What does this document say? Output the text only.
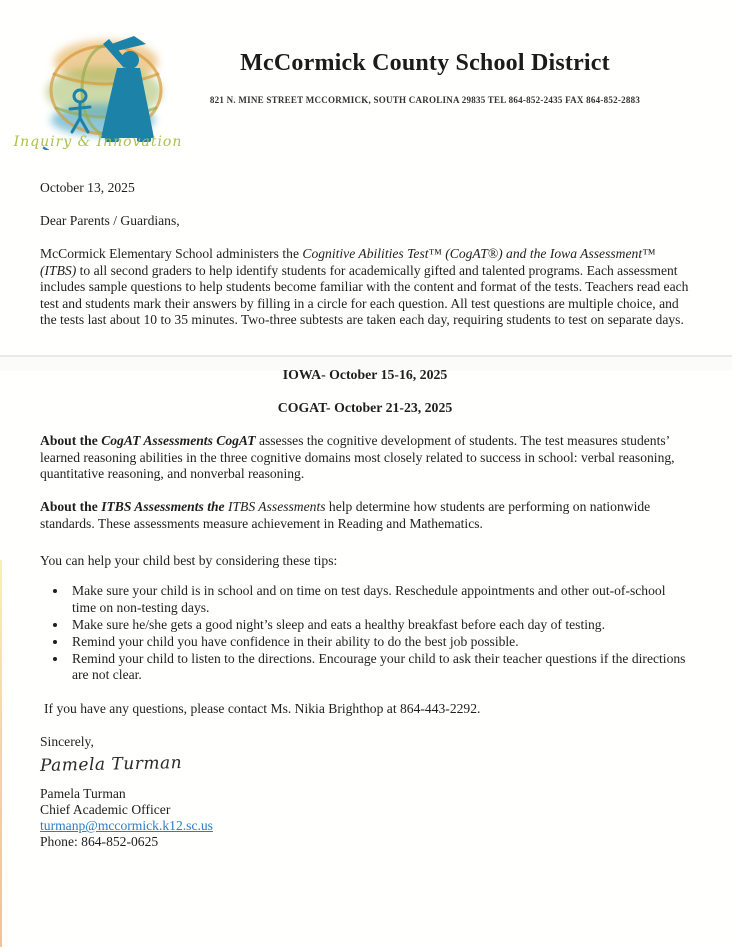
Inquiry & Innovation
McCormick County School District
821 N. MINE STREET MCCORMICK, SOUTH CAROLINA 29835 TEL 864-852-2435 FAX 864-852-2883
October 13, 2025
Dear Parents / Guardians,
McCormick Elementary School administers the Cognitive Abilities Test™ (CogAT®) and the Iowa Assessment™ (ITBS) to all second graders to help identify students for academically gifted and talented programs. Each assessment includes sample questions to help students become familiar with the content and format of the tests. Teachers read each test and students mark their answers by filling in a circle for each question. All test questions are multiple choice, and the tests last about 10 to 35 minutes. Two-three subtests are taken each day, requiring students to test on separate days.
IOWA- October 15-16, 2025
COGAT- October 21-23, 2025
About the CogAT Assessments CogAT assesses the cognitive development of students. The test measures students’ learned reasoning abilities in the three cognitive domains most closely related to success in school: verbal reasoning, quantitative reasoning, and nonverbal reasoning.
About the ITBS Assessments the ITBS Assessments help determine how students are performing on nationwide standards. These assessments measure achievement in Reading and Mathematics.
You can help your child best by considering these tips:
• Make sure your child is in school and on time on test days. Reschedule appointments and other out-of-school time on non-testing days.
• Make sure he/she gets a good night’s sleep and eats a healthy breakfast before each day of testing.
• Remind your child you have confidence in their ability to do the best job possible.
• Remind your child to listen to the directions. Encourage your child to ask their teacher questions if the directions are not clear.
If you have any questions, please contact Ms. Nikia Brighthop at 864-443-2292.
Sincerely,
Pamela Turman
Pamela Turman
Chief Academic Officer
turmanp@mccormick.k12.sc.us
Phone: 864-852-0625
